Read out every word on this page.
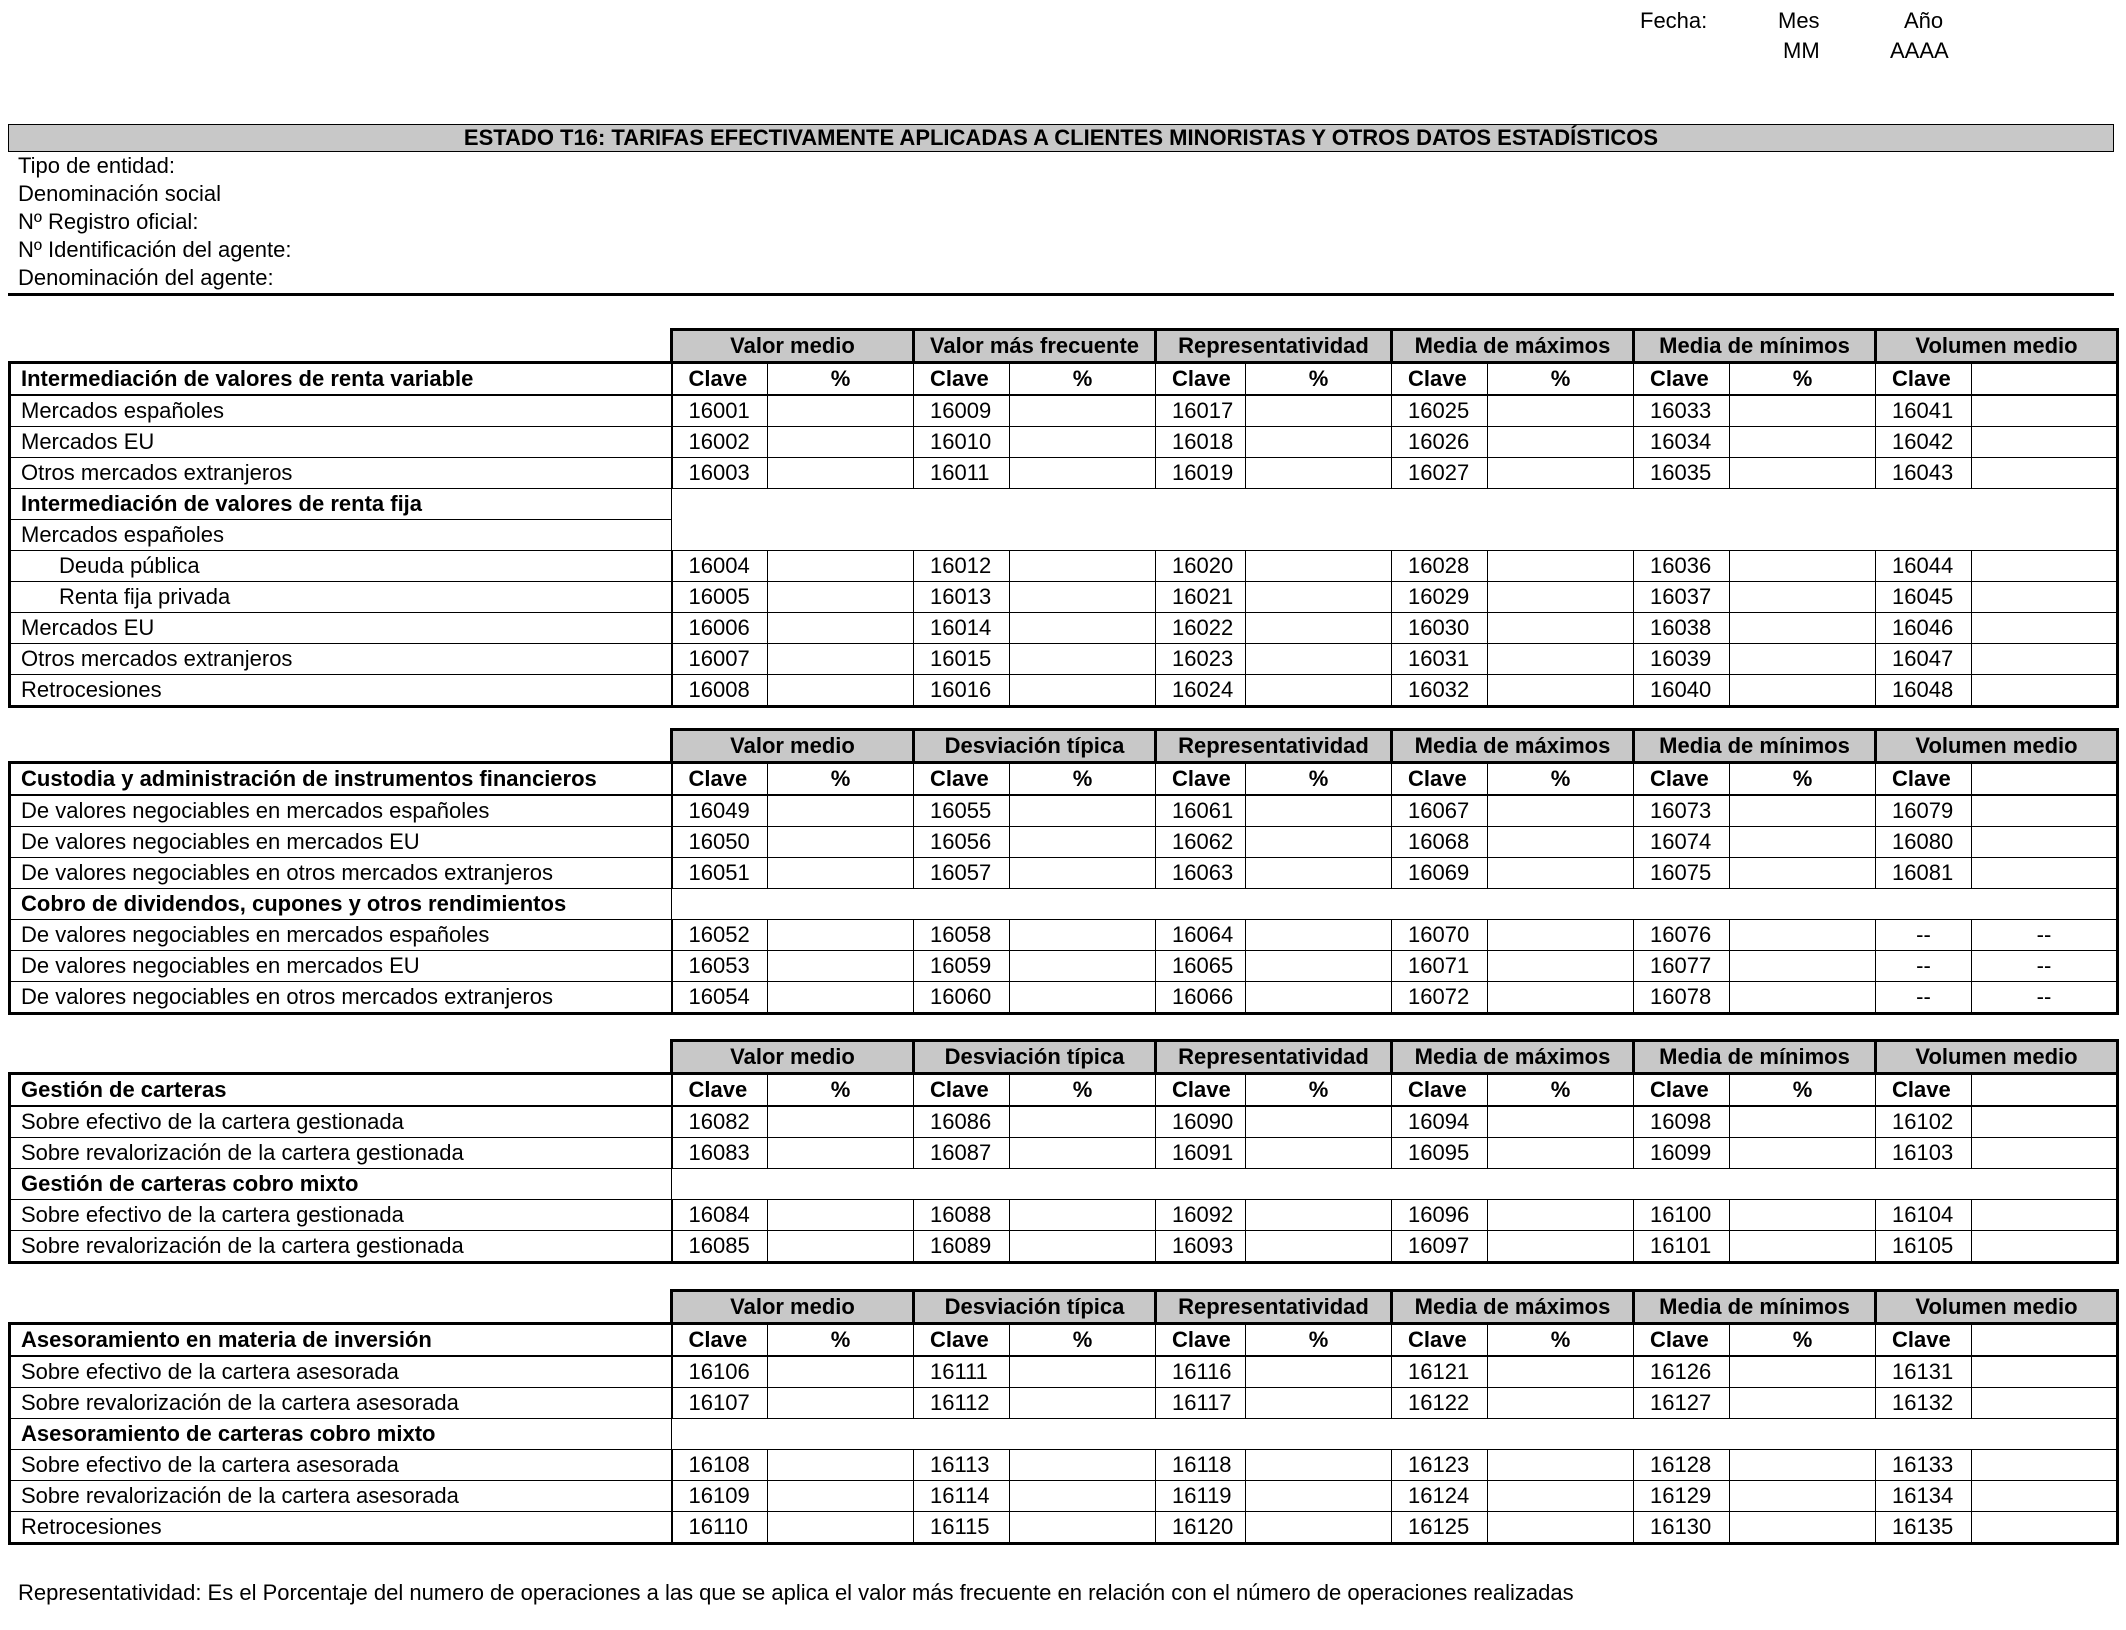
Fecha:	Mes
MM
Año
AAAA
ESTADO T16: TARIFAS EFECTIVAMENTE APLICADAS A CLIENTES MINORISTAS Y OTROS DATOS ESTADÍSTICOS
Tipo de entidad:
Denominación social
Nº Registro oficial:
Nº Identificación del agente:
Denominación del agente:
	Valor medio		Valor más frecuente		Representatividad		Media de máximos		Media de mínimos		Volumen medio	
Intermediación de valores de renta variable	Clave	%	Clave	%	Clave	%	Clave	%	Clave	%	Clave	
Mercados españoles	16001		16009		16017		16025		16033		16041	
Mercados EU	16002		16010		16018		16026		16034		16042	
Otros mercados extranjeros	16003		16011		16019		16027		16035		16043	
Intermediación de valores de renta fija												
Mercados españoles												
Deuda pública	16004		16012		16020		16028		16036		16044	
Renta fija privada	16005		16013		16021		16029		16037		16045	
Mercados EU	16006		16014		16022		16030		16038		16046	
Otros mercados extranjeros	16007		16015		16023		16031		16039		16047	
Retrocesiones	16008		16016		16024		16032		16040		16048	
	Valor medio		Desviación típica		Representatividad		Media de máximos		Media de mínimos		Volumen medio	
Custodia y administración de instrumentos financieros	Clave	%	Clave	%	Clave	%	Clave	%	Clave	%	Clave	
De valores negociables en mercados españoles	16049		16055		16061		16067		16073		16079	
De valores negociables en mercados EU	16050		16056		16062		16068		16074		16080	
De valores negociables en otros mercados extranjeros	16051		16057		16063		16069		16075		16081	
Cobro de dividendos, cupones y otros rendimientos												
De valores negociables en mercados españoles	16052		16058		16064		16070		16076		--	--
De valores negociables en mercados EU	16053		16059		16065		16071		16077		--	--
De valores negociables en otros mercados extranjeros	16054		16060		16066		16072		16078		--	--
	Valor medio		Desviación típica		Representatividad		Media de máximos		Media de mínimos		Volumen medio	
Gestión de carteras	Clave	%	Clave	%	Clave	%	Clave	%	Clave	%	Clave	
Sobre efectivo de la cartera gestionada	16082		16086		16090		16094		16098		16102	
Sobre revalorización de la cartera gestionada	16083		16087		16091		16095		16099		16103	
Gestión de carteras cobro mixto												
Sobre efectivo de la cartera gestionada	16084		16088		16092		16096		16100		16104	
Sobre revalorización de la cartera gestionada	16085		16089		16093		16097		16101		16105	
	Valor medio		Desviación típica		Representatividad		Media de máximos		Media de mínimos		Volumen medio	
Asesoramiento en materia de inversión	Clave	%	Clave	%	Clave	%	Clave	%	Clave	%	Clave	
Sobre efectivo de la cartera asesorada	16106		16111		16116		16121		16126		16131	
Sobre revalorización de la cartera asesorada	16107		16112		16117		16122		16127		16132	
Asesoramiento de carteras cobro mixto												
Sobre efectivo de la cartera asesorada	16108		16113		16118		16123		16128		16133	
Sobre revalorización de la cartera asesorada	16109		16114		16119		16124		16129		16134	
Retrocesiones	16110		16115		16120		16125		16130		16135	
Representatividad: Es el Porcentaje del numero de operaciones a las que se aplica el valor más frecuente en relación con el número de operaciones realizadas
